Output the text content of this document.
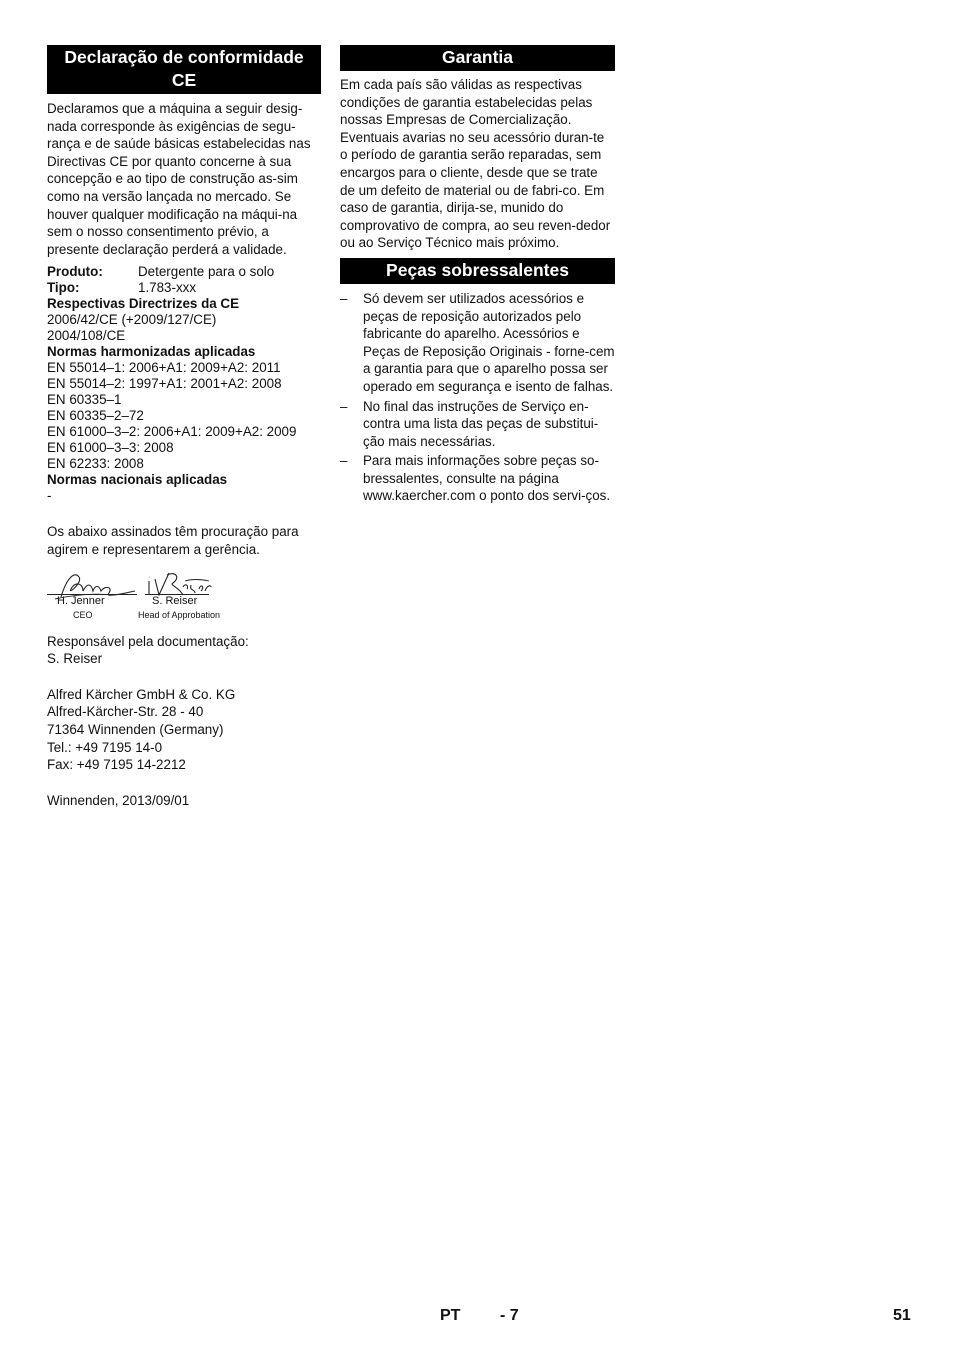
Declaração de conformidade CE

Declaramos que a máquina a seguir desig-nada corresponde às exigências de segu-rança e de saúde básicas estabelecidas nas Directivas CE por quanto concerne à sua concepção e ao tipo de construção as-sim como na versão lançada no mercado. Se houver qualquer modificação na máqui-na sem o nosso consentimento prévio, a presente declaração perderá a validade.

Produto:	Detergente para o solo
Tipo:	1.783-xxx
Respectivas Directrizes da CE
2006/42/CE (+2009/127/CE)
2004/108/CE
Normas harmonizadas aplicadas
EN 55014–1: 2006+A1: 2009+A2: 2011
EN 55014–2: 1997+A1: 2001+A2: 2008
EN 60335–1
EN 60335–2–72
EN 61000–3–2: 2006+A1: 2009+A2: 2009
EN 61000–3–3: 2008
EN 62233: 2008
Normas nacionais aplicadas
-

Os abaixo assinados têm procuração para agirem e representarem a gerência.

H. Jenner
CEO
S. Reiser
Head of Approbation
Responsável pela documentação:
S. Reiser
Alfred Kärcher GmbH & Co. KG
Alfred-Kärcher-Str. 28 - 40
71364 Winnenden (Germany)
Tel.: +49 7195 14-0
Fax: +49 7195 14-2212
Winnenden, 2013/09/01
Garantia

Em cada país são válidas as respectivas condições de garantia estabelecidas pelas nossas Empresas de Comercialização. Eventuais avarias no seu acessório duran-te o período de garantia serão reparadas, sem encargos para o cliente, desde que se trate de um defeito de material ou de fabri-co. Em caso de garantia, dirija-se, munido do comprovativo de compra, ao seu reven-dedor ou ao Serviço Técnico mais próximo.

Peças sobressalentes
– Só devem ser utilizados acessórios e peças de reposição autorizados pelo fabricante do aparelho. Acessórios e Peças de Reposição Originais - forne-cem a garantia para que o aparelho possa ser operado em segurança e isento de falhas.
– No final das instruções de Serviço en-contra uma lista das peças de substitui-ção mais necessárias.
– Para mais informações sobre peças so-bressalentes, consulte na página www.kaercher.com o ponto dos servi-ços.
PT - 7	51
